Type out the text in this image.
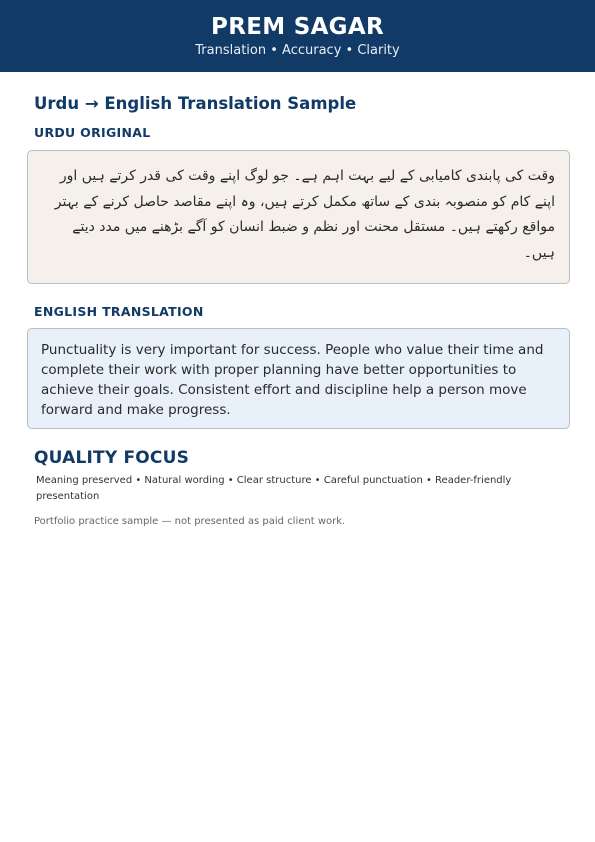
PREM SAGAR
Translation • Accuracy • Clarity
Urdu → English Translation Sample
URDU ORIGINAL
وقت کی پابندی کامیابی کے لیے بہت اہم ہے۔ جو لوگ اپنے وقت کی قدر کرتے ہیں اور اپنے کام کو منصوبہ بندی کے ساتھ مکمل کرتے ہیں، وہ اپنے مقاصد حاصل کرنے کے بہتر مواقع رکھتے ہیں۔ مستقل محنت اور نظم و ضبط انسان کو آگے بڑھنے میں مدد دیتے ہیں۔
ENGLISH TRANSLATION
Punctuality is very important for success. People who value their time and complete their work with proper planning have better opportunities to achieve their goals. Consistent effort and discipline help a person move forward and make progress.
QUALITY FOCUS
Meaning preserved • Natural wording • Clear structure • Careful punctuation • Reader-friendly presentation
Portfolio practice sample — not presented as paid client work.
